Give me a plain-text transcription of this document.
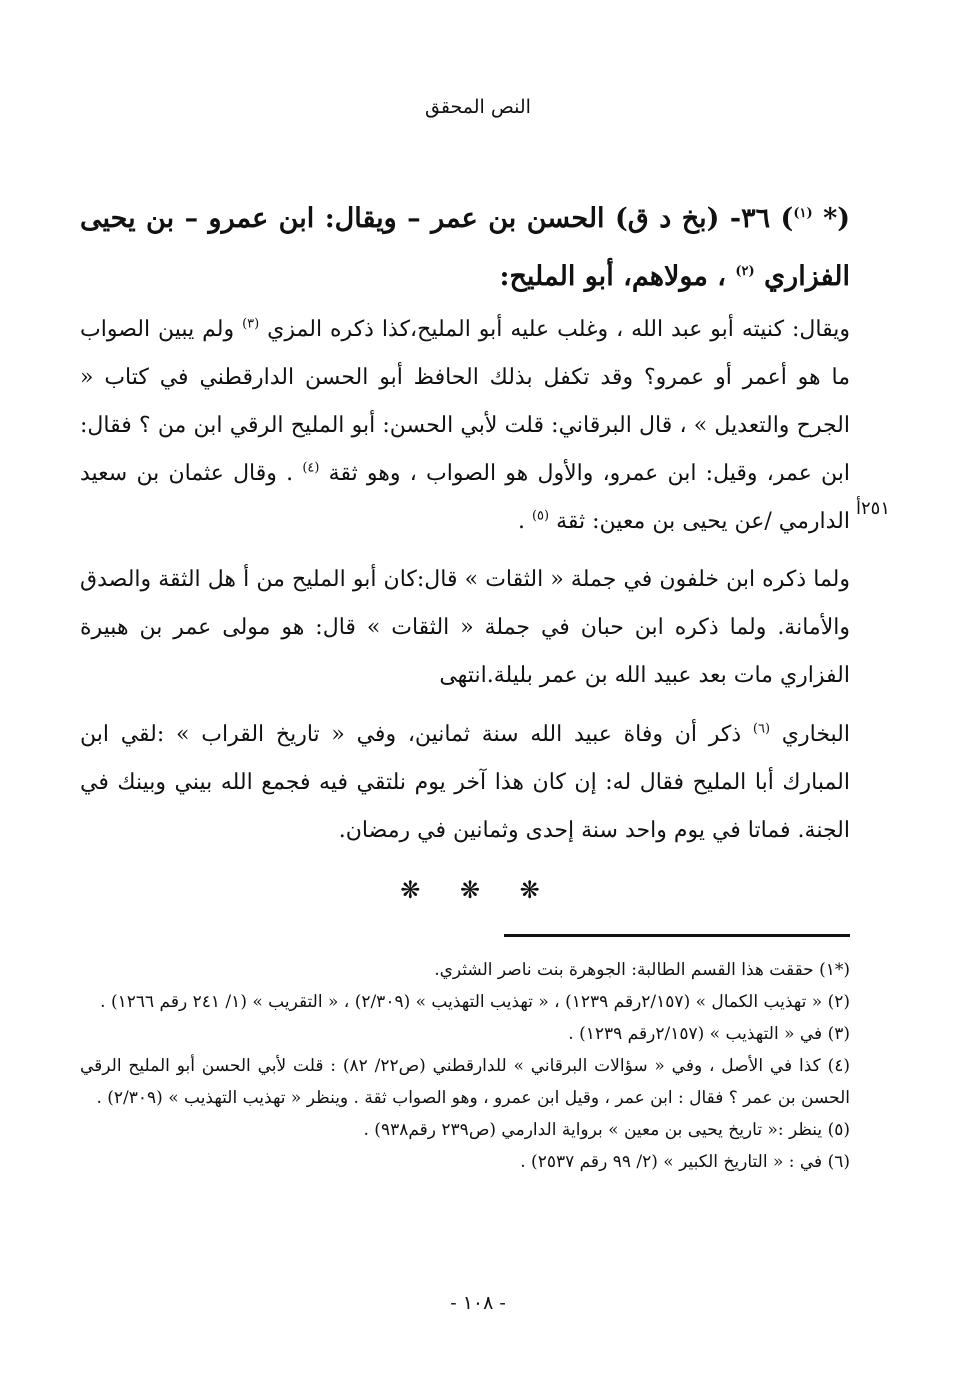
النص المحقق
(* $^{(١)}$) ٣٦- (بخ د ق) الحسن بن عمر – ويقال: ابن عمرو – بن يحيى الفزاري $^{(٢)}$ ، مولاهم، أبو المليح:
ويقال: كنيته أبو عبد الله ، وغلب عليه أبو المليح،كذا ذكره المزي $^{(٣)}$ ولم يبين الصواب ما هو أعمر أو عمرو؟ وقد تكفل بذلك الحافظ أبو الحسن الدارقطني في كتاب « الجرح والتعديل » ، قال البرقاني: قلت لأبي الحسن: أبو المليح الرقي ابن من ؟ فقال: ابن عمر، وقيل: ابن عمرو، والأول هو الصواب ، وهو ثقة $^{(٤)}$ . وقال عثمان بن سعيد الدارمي /عن يحيى بن معين: ثقة $^{(٥)}$ .
٢٥١أ
ولما ذكره ابن خلفون في جملة « الثقات » قال:كان أبو المليح من أ هل الثقة والصدق والأمانة. ولما ذكره ابن حبان في جملة « الثقات » قال: هو مولى عمر بن هبيرة الفزاري مات بعد عبيد الله بن عمر بليلة.انتهى
البخاري $^{(٦)}$ ذكر أن وفاة عبيد الله سنة ثمانين، وفي « تاريخ القراب » :لقي ابن المبارك أبا المليح فقال له: إن كان هذا آخر يوم نلتقي فيه فجمع الله بيني وبينك في الجنة. فماتا في يوم واحد سنة إحدى وثمانين في رمضان.
❋ ❋ ❋
(*١) حققت هذا القسم الطالبة: الجوهرة بنت ناصر الشثري.
(٢) « تهذيب الكمال » (٢/١٥٧رقم ١٢٣٩) ، « تهذيب التهذيب » (٢/٣٠٩) ، « التقريب » (١/ ٢٤١ رقم ١٢٦٦) .
(٣) في « التهذيب » (٢/١٥٧رقم ١٢٣٩) .
(٤) كذا في الأصل ، وفي « سؤالات البرقاني » للدارقطني (ص٢٢/ ٨٢) : قلت لأبي الحسن أبو المليح الرقي الحسن بن عمر ؟ فقال : ابن عمر ، وقيل ابن عمرو ، وهو الصواب ثقة . وينظر « تهذيب التهذيب » (٢/٣٠٩) .
(٥) ينظر :« تاريخ يحيى بن معين » برواية الدارمي (ص٢٣٩ رقم٩٣٨) .
(٦) في : « التاريخ الكبير » (٢/ ٩٩ رقم ٢٥٣٧) .
- ١٠٨ -
